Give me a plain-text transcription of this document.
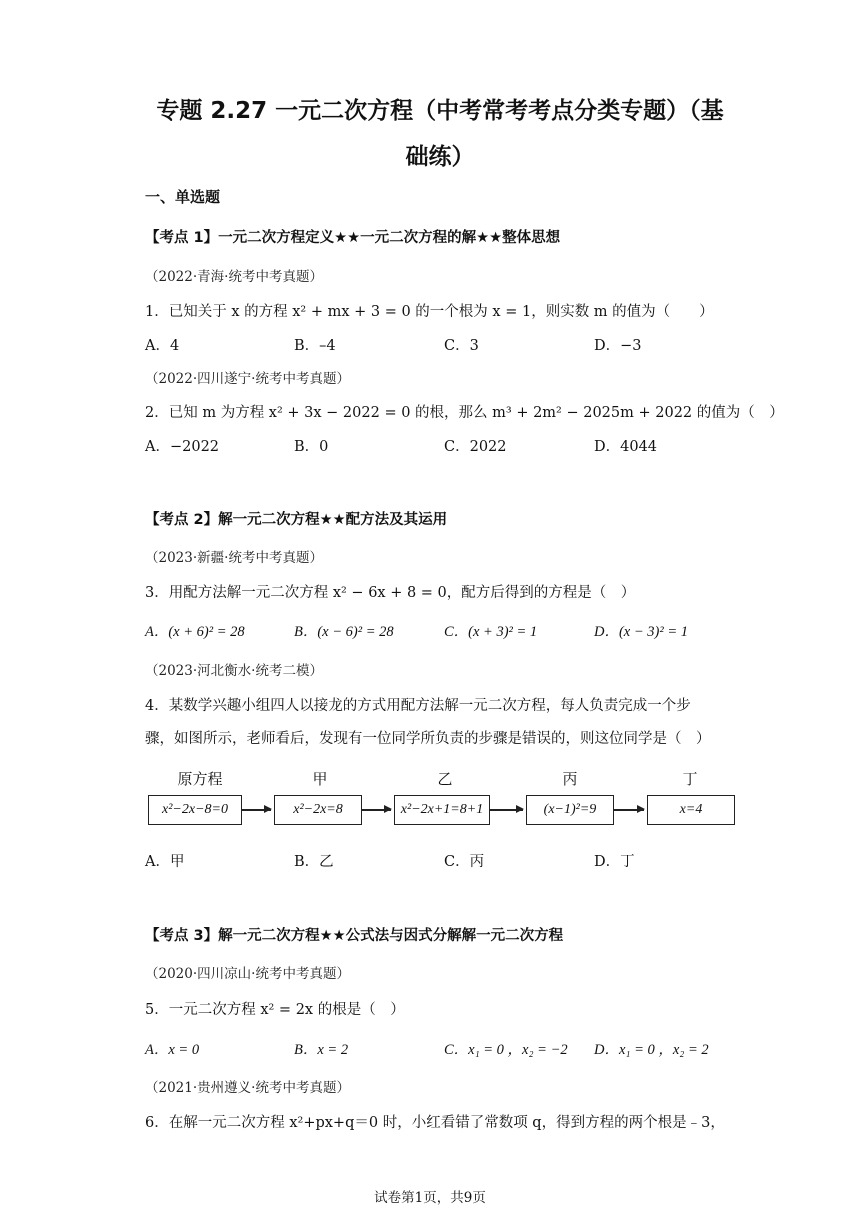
专题 2.27 一元二次方程（中考常考考点分类专题）（基
础练）
一、单选题
【考点 1】一元二次方程定义★★一元二次方程的解★★整体思想
（2022·青海·统考中考真题）
1．已知关于 x 的方程 x² + mx + 3 = 0 的一个根为 x = 1，则实数 m 的值为（　　）
A．4	B．–4	C．3	D．−3
（2022·四川遂宁·统考中考真题）
2．已知 m 为方程 x² + 3x − 2022 = 0 的根，那么 m³ + 2m² − 2025m + 2022 的值为（　）
A．−2022	B．0	C．2022	D．4044
【考点 2】解一元二次方程★★配方法及其运用
（2023·新疆·统考中考真题）
3．用配方法解一元二次方程 x² − 6x + 8 = 0，配方后得到的方程是（　）
A．(x + 6)² = 28	B．(x − 6)² = 28	C．(x + 3)² = 1	D．(x − 3)² = 1
（2023·河北衡水·统考二模）
4．某数学兴趣小组四人以接龙的方式用配方法解一元二次方程，每人负责完成一个步
骤，如图所示，老师看后，发现有一位同学所负责的步骤是错误的，则这位同学是（　）
原方程	甲	乙	丙	丁
x²−2x−8=0	x²−2x=8	x²−2x+1=8+1	(x−1)²=9	x=4
A．甲	B．乙	C．丙	D．丁
【考点 3】解一元二次方程★★公式法与因式分解解一元二次方程
（2020·四川凉山·统考中考真题）
5．一元二次方程 x² = 2x 的根是（　）
A．x = 0	B．x = 2	C．x₁ = 0 ，x₂ = −2 D．x₁ = 0 ，x₂ = 2
（2021·贵州遵义·统考中考真题）
6．在解一元二次方程 x²+px+q＝0 时，小红看错了常数项 q，得到方程的两个根是﹣3，
试卷第1页，共9页
